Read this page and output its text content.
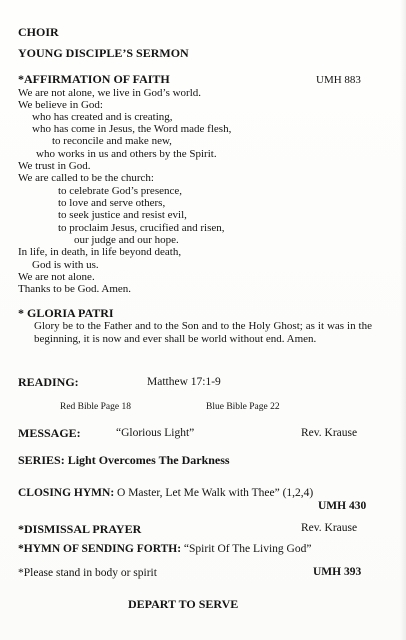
CHOIR
YOUNG DISCIPLE’S SERMON
*AFFIRMATION OF FAITH	UMH 883
We are not alone, we live in God’s world.
We believe in God:
who has created and is creating,
who has come in Jesus, the Word made flesh,
to reconcile and make new,
who works in us and others by the Spirit.
We trust in God.
We are called to be the church:
to celebrate God’s presence,
to love and serve others,
to seek justice and resist evil,
to proclaim Jesus, crucified and risen,
our judge and our hope.
In life, in death, in life beyond death,
God is with us.
We are not alone.
Thanks to be God. Amen.
* GLORIA PATRI
Glory be to the Father and to the Son and to the Holy Ghost; as it was in the beginning, it is now and ever shall be world without end. Amen.
READING:	Matthew 17:1-9
Red Bible Page 18	Blue Bible Page 22
MESSAGE:	“Glorious Light”	Rev. Krause
SERIES: Light Overcomes The Darkness
CLOSING HYMN: O Master, Let Me Walk with Thee” (1,2,4)
UMH 430
*DISMISSAL PRAYER	Rev. Krause
*HYMN OF SENDING FORTH: “Spirit Of The Living God”
*Please stand in body or spirit	UMH 393
DEPART TO SERVE
